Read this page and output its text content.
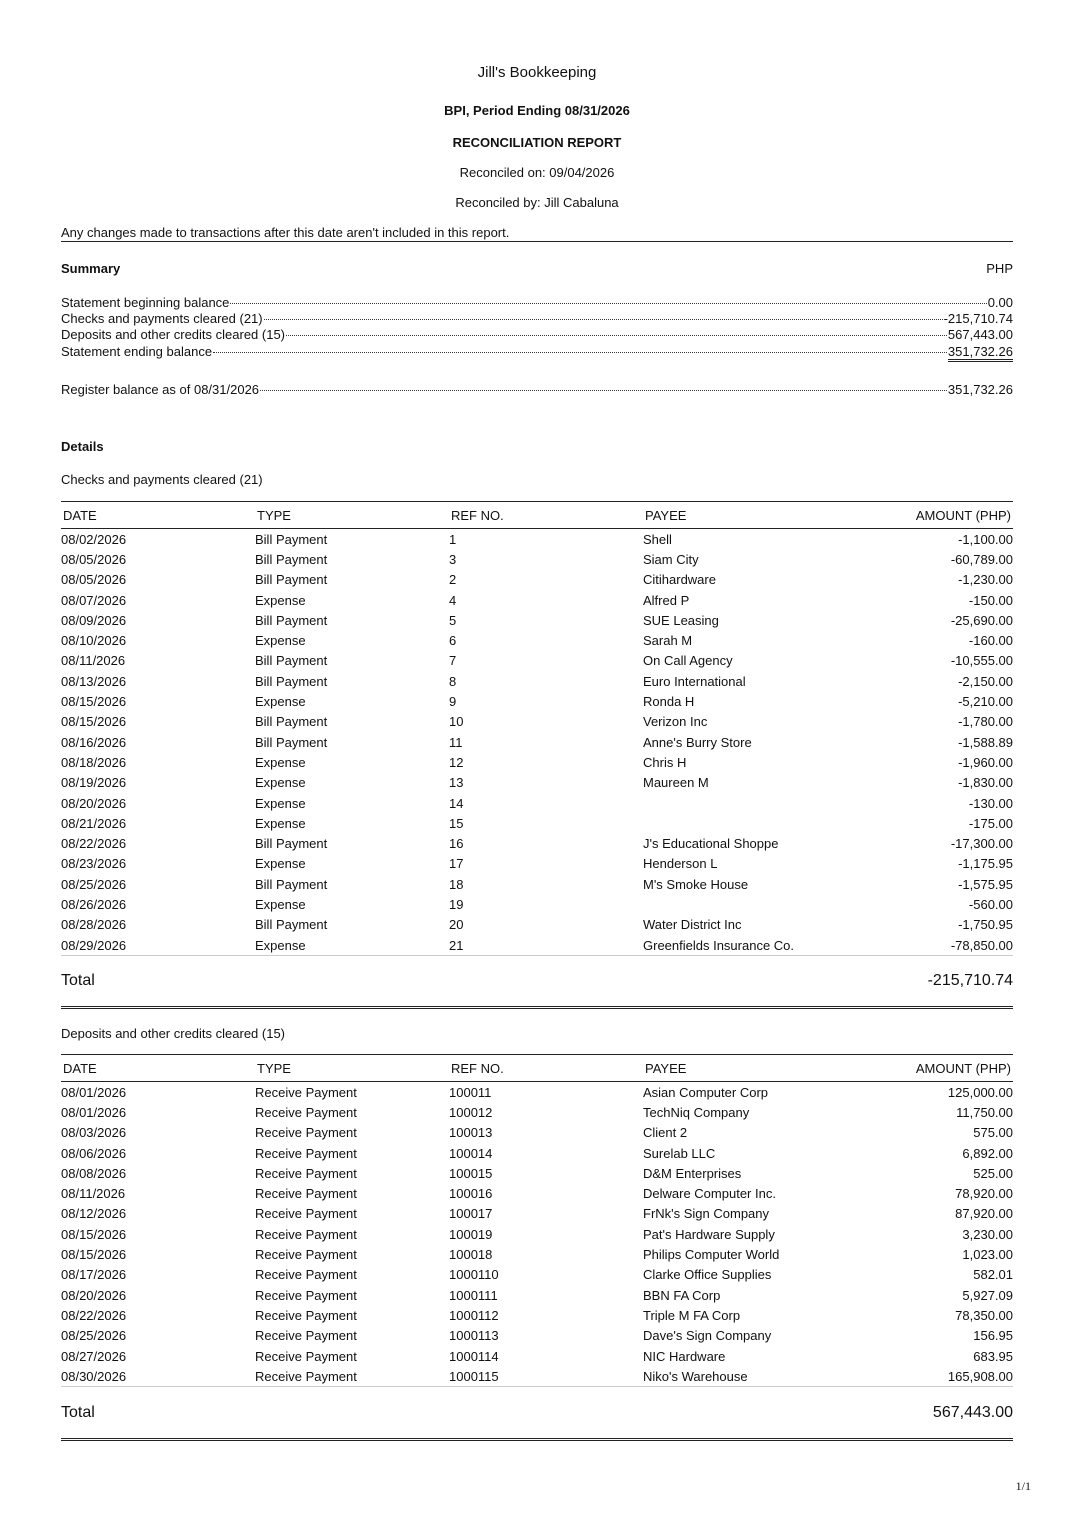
Jill's Bookkeeping
BPI, Period Ending 08/31/2026
RECONCILIATION REPORT
Reconciled on: 09/04/2026
Reconciled by: Jill Cabaluna
Any changes made to transactions after this date aren't included in this report.
Summary	PHP
Statement beginning balance	0.00
Checks and payments cleared (21)	-215,710.74
Deposits and other credits cleared (15)	567,443.00
Statement ending balance	351,732.26
Register balance as of 08/31/2026	351,732.26
Details
Checks and payments cleared (21)
DATE	TYPE	REF NO.	PAYEE	AMOUNT (PHP)
08/02/2026	Bill Payment	1	Shell	-1,100.00
08/05/2026	Bill Payment	3	Siam City	-60,789.00
08/05/2026	Bill Payment	2	Citihardware	-1,230.00
08/07/2026	Expense	4	Alfred P	-150.00
08/09/2026	Bill Payment	5	SUE Leasing	-25,690.00
08/10/2026	Expense	6	Sarah M	-160.00
08/11/2026	Bill Payment	7	On Call Agency	-10,555.00
08/13/2026	Bill Payment	8	Euro International	-2,150.00
08/15/2026	Expense	9	Ronda H	-5,210.00
08/15/2026	Bill Payment	10	Verizon Inc	-1,780.00
08/16/2026	Bill Payment	11	Anne's Burry Store	-1,588.89
08/18/2026	Expense	12	Chris H	-1,960.00
08/19/2026	Expense	13	Maureen M	-1,830.00
08/20/2026	Expense	14		-130.00
08/21/2026	Expense	15		-175.00
08/22/2026	Bill Payment	16	J's Educational Shoppe	-17,300.00
08/23/2026	Expense	17	Henderson L	-1,175.95
08/25/2026	Bill Payment	18	M's Smoke House	-1,575.95
08/26/2026	Expense	19		-560.00
08/28/2026	Bill Payment	20	Water District Inc	-1,750.95
08/29/2026	Expense	21	Greenfields Insurance Co.	-78,850.00
Total	-215,710.74
Deposits and other credits cleared (15)
DATE	TYPE	REF NO.	PAYEE	AMOUNT (PHP)
08/01/2026	Receive Payment	100011	Asian Computer Corp	125,000.00
08/01/2026	Receive Payment	100012	TechNiq Company	11,750.00
08/03/2026	Receive Payment	100013	Client 2	575.00
08/06/2026	Receive Payment	100014	Surelab LLC	6,892.00
08/08/2026	Receive Payment	100015	D&M Enterprises	525.00
08/11/2026	Receive Payment	100016	Delware Computer Inc.	78,920.00
08/12/2026	Receive Payment	100017	FrNk's Sign Company	87,920.00
08/15/2026	Receive Payment	100019	Pat's Hardware Supply	3,230.00
08/15/2026	Receive Payment	100018	Philips Computer World	1,023.00
08/17/2026	Receive Payment	1000110	Clarke Office Supplies	582.01
08/20/2026	Receive Payment	1000111	BBN FA Corp	5,927.09
08/22/2026	Receive Payment	1000112	Triple M FA Corp	78,350.00
08/25/2026	Receive Payment	1000113	Dave's Sign Company	156.95
08/27/2026	Receive Payment	1000114	NIC Hardware	683.95
08/30/2026	Receive Payment	1000115	Niko's Warehouse	165,908.00
Total	567,443.00
1/1
